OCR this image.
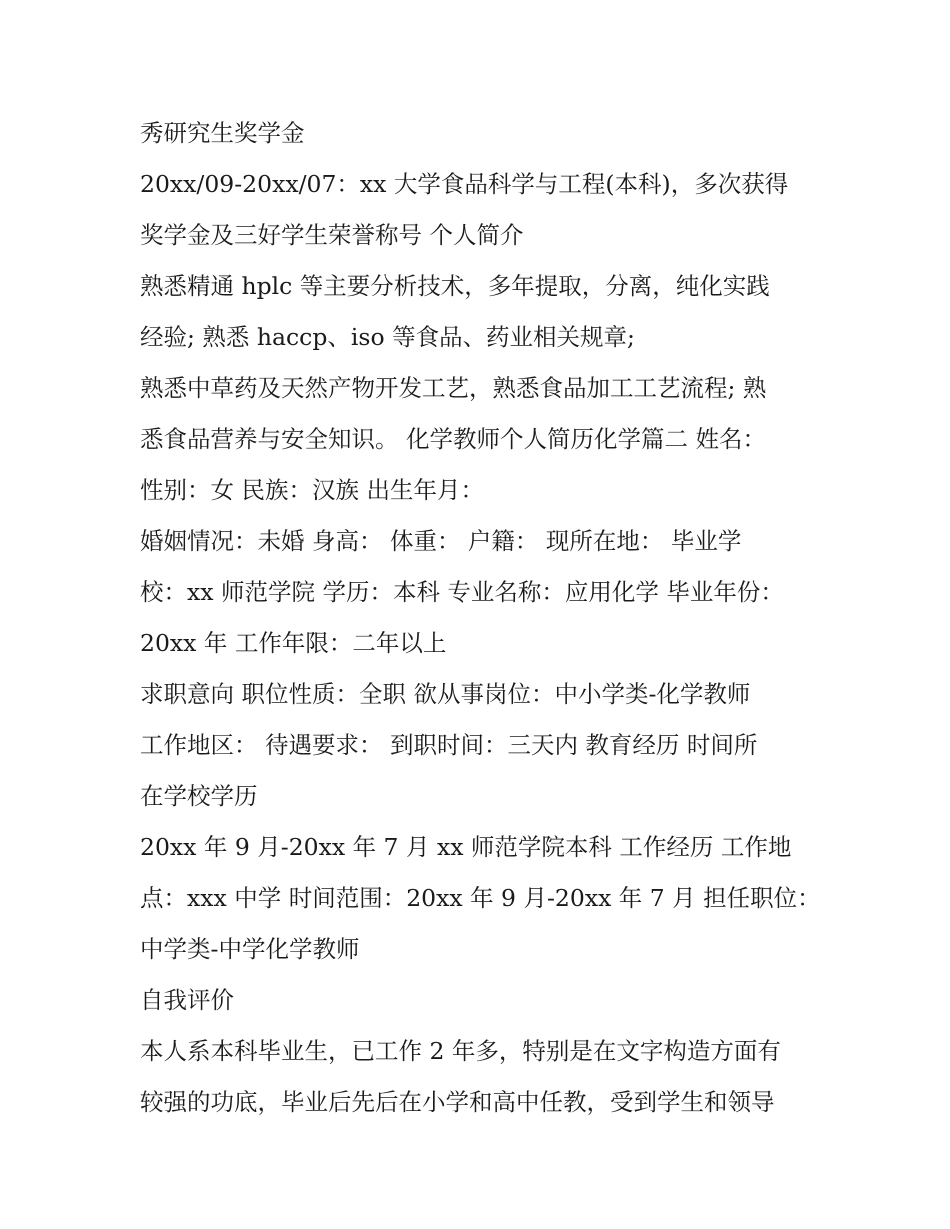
秀研究生奖学金
20xx/09-20xx/07：xx 大学食品科学与工程(本科)，多次获得
奖学金及三好学生荣誉称号 个人简介
熟悉精通 hplc 等主要分析技术，多年提取，分离，纯化实践
经验; 熟悉 haccp、iso 等食品、药业相关规章;
熟悉中草药及天然产物开发工艺，熟悉食品加工工艺流程; 熟
悉食品营养与安全知识。 化学教师个人简历化学篇二 姓名：
性别：女 民族：汉族 出生年月：
婚姻情况：未婚 身高： 体重： 户籍： 现所在地： 毕业学
校：xx 师范学院 学历：本科 专业名称：应用化学 毕业年份：
20xx 年 工作年限：二年以上
求职意向 职位性质：全职 欲从事岗位：中小学类-化学教师
工作地区： 待遇要求： 到职时间：三天内 教育经历 时间所
在学校学历
20xx 年 9 月-20xx 年 7 月 xx 师范学院本科 工作经历 工作地
点：xxx 中学 时间范围：20xx 年 9 月-20xx 年 7 月 担任职位：
中学类-中学化学教师
自我评价
本人系本科毕业生，已工作 2 年多，特别是在文字构造方面有
较强的功底，毕业后先后在小学和高中任教，受到学生和领导
